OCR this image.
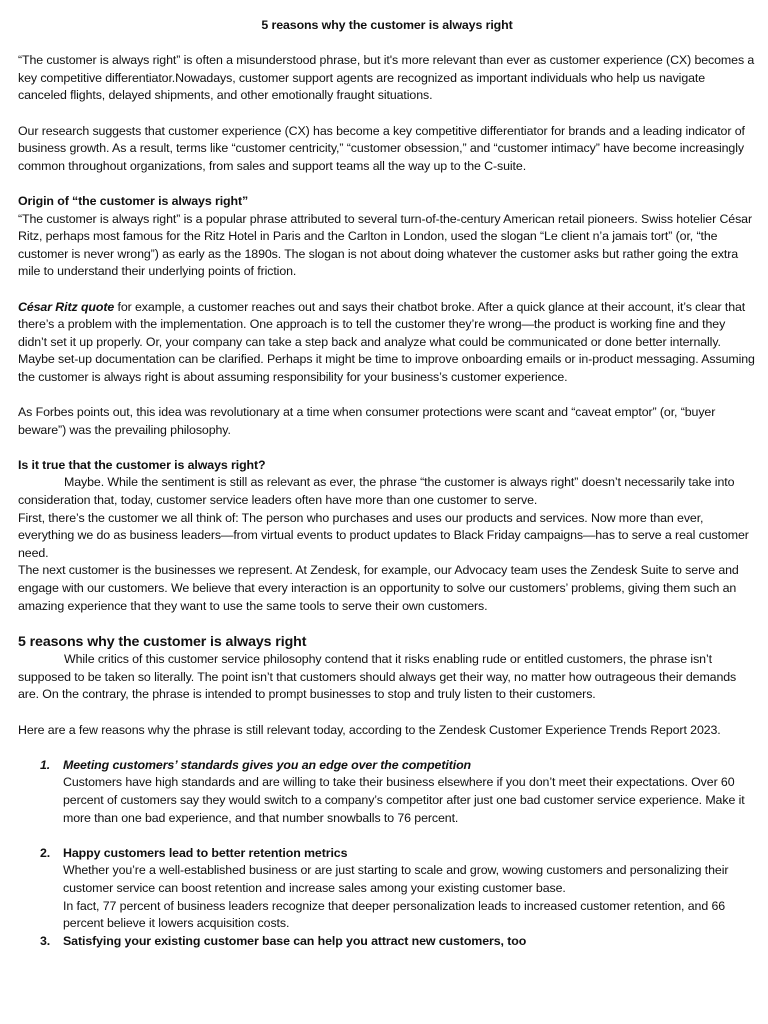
5 reasons why the customer is always right

“The customer is always right” is often a misunderstood phrase, but it's more relevant than ever as customer experience (CX) becomes a key competitive differentiator.Nowadays, customer support agents are recognized as important individuals who help us navigate canceled flights, delayed shipments, and other emotionally fraught situations.

Our research suggests that customer experience (CX) has become a key competitive differentiator for brands and a leading indicator of business growth. As a result, terms like “customer centricity,” “customer obsession,” and “customer intimacy” have become increasingly common throughout organizations, from sales and support teams all the way up to the C-suite.

Origin of “the customer is always right”

“The customer is always right” is a popular phrase attributed to several turn-of-the-century American retail pioneers. Swiss hotelier César Ritz, perhaps most famous for the Ritz Hotel in Paris and the Carlton in London, used the slogan “Le client n’a jamais tort” (or, “the customer is never wrong”) as early as the 1890s. The slogan is not about doing whatever the customer asks but rather going the extra mile to understand their underlying points of friction.

César Ritz quote for example, a customer reaches out and says their chatbot broke. After a quick glance at their account, it’s clear that there’s a problem with the implementation. One approach is to tell the customer they’re wrong—the product is working fine and they didn’t set it up properly. Or, your company can take a step back and analyze what could be communicated or done better internally. Maybe set-up documentation can be clarified. Perhaps it might be time to improve onboarding emails or in-product messaging. Assuming the customer is always right is about assuming responsibility for your business’s customer experience.

As Forbes points out, this idea was revolutionary at a time when consumer protections were scant and “caveat emptor” (or, “buyer beware”) was the prevailing philosophy.

Is it true that the customer is always right?

Maybe. While the sentiment is still as relevant as ever, the phrase “the customer is always right” doesn’t necessarily take into consideration that, today, customer service leaders often have more than one customer to serve.

First, there’s the customer we all think of: The person who purchases and uses our products and services. Now more than ever, everything we do as business leaders—from virtual events to product updates to Black Friday campaigns—has to serve a real customer need.

The next customer is the businesses we represent. At Zendesk, for example, our Advocacy team uses the Zendesk Suite to serve and engage with our customers. We believe that every interaction is an opportunity to solve our customers’ problems, giving them such an amazing experience that they want to use the same tools to serve their own customers.

5 reasons why the customer is always right

While critics of this customer service philosophy contend that it risks enabling rude or entitled customers, the phrase isn’t supposed to be taken so literally. The point isn’t that customers should always get their way, no matter how outrageous their demands are. On the contrary, the phrase is intended to prompt businesses to stop and truly listen to their customers.

Here are a few reasons why the phrase is still relevant today, according to the Zendesk Customer Experience Trends Report 2023.

1. Meeting customers’ standards gives you an edge over the competition
Customers have high standards and are willing to take their business elsewhere if you don’t meet their expectations. Over 60 percent of customers say they would switch to a company’s competitor after just one bad customer service experience. Make it more than one bad experience, and that number snowballs to 76 percent.
2. Happy customers lead to better retention metrics
Whether you’re a well-established business or are just starting to scale and grow, wowing customers and personalizing their customer service can boost retention and increase sales among your existing customer base.
In fact, 77 percent of business leaders recognize that deeper personalization leads to increased customer retention, and 66 percent believe it lowers acquisition costs.
3. Satisfying your existing customer base can help you attract new customers, too
